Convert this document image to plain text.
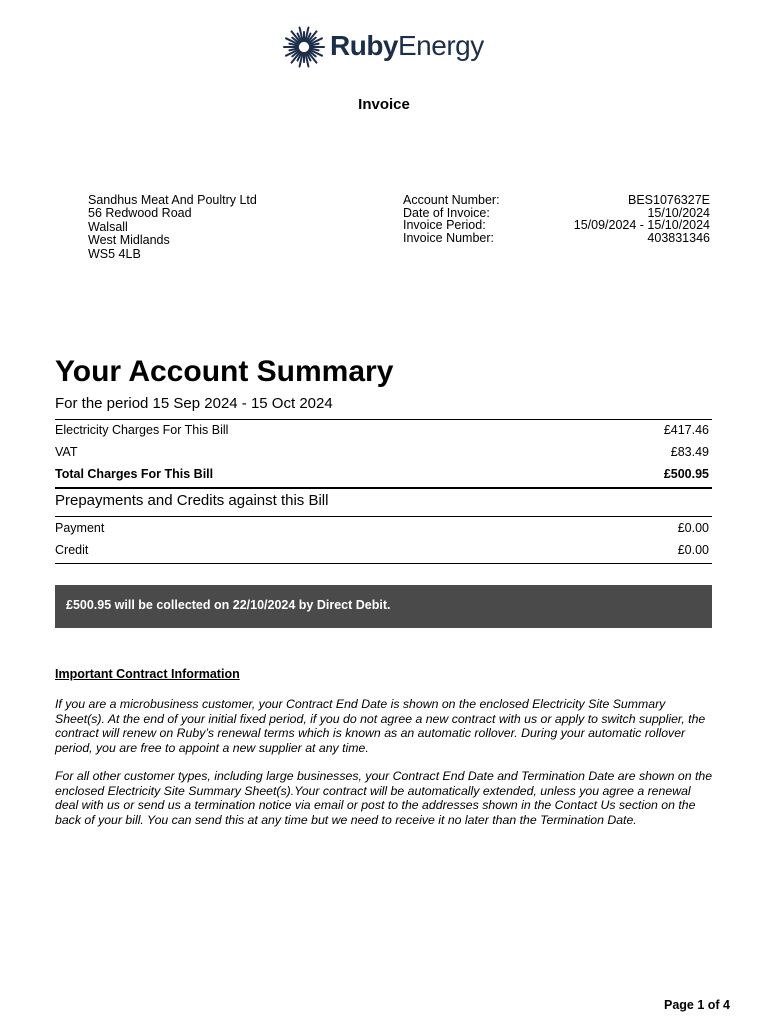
RubyEnergy
Invoice
Sandhus Meat And Poultry Ltd
56 Redwood Road
Walsall
West Midlands
WS5 4LB
Account Number:	BES1076327E
Date of Invoice:	15/10/2024
Invoice Period:	15/09/2024 - 15/10/2024
Invoice Number:	403831346
Your Account Summary
For the period 15 Sep 2024 - 15 Oct 2024
Electricity Charges For This Bill	£417.46
VAT	£83.49
Total Charges For This Bill	£500.95
Prepayments and Credits against this Bill
Payment	£0.00
Credit	£0.00
£500.95 will be collected on 22/10/2024 by Direct Debit.
Important Contract Information
If you are a microbusiness customer, your Contract End Date is shown on the enclosed Electricity Site Summary Sheet(s). At the end of your initial fixed period, if you do not agree a new contract with us or apply to switch supplier, the contract will renew on Ruby’s renewal terms which is known as an automatic rollover. During your automatic rollover period, you are free to appoint a new supplier at any time.
For all other customer types, including large businesses, your Contract End Date and Termination Date are shown on the enclosed Electricity Site Summary Sheet(s).Your contract will be automatically extended, unless you agree a renewal deal with us or send us a termination notice via email or post to the addresses shown in the Contact Us section on the back of your bill. You can send this at any time but we need to receive it no later than the Termination Date.
Page 1 of 4
